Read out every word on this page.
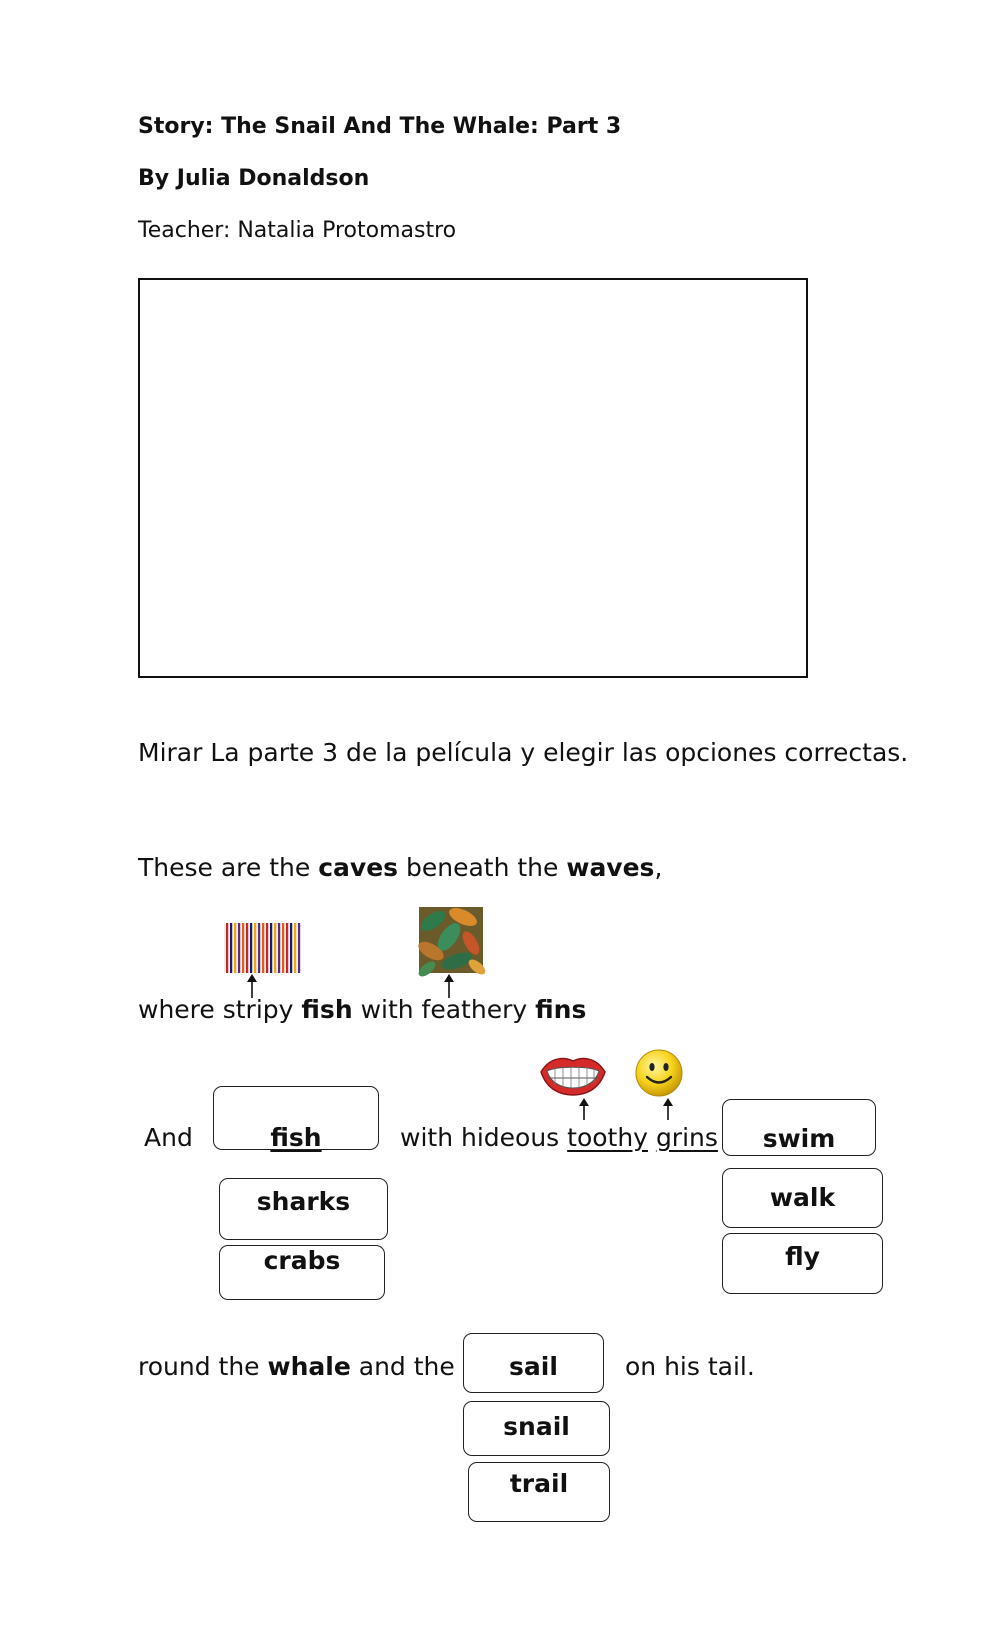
Story: The Snail And The Whale: Part 3
By Julia Donaldson
Teacher: Natalia Protomastro
Mirar La parte 3 de la película y elegir las opciones correctas.
These are the caves beneath the waves,
where stripy fish with feathery fins
And	with hideous toothy grins
fish
sharks
crabs
swim
walk
fly
round the whale and the	on his tail.
sail
snail
trail
